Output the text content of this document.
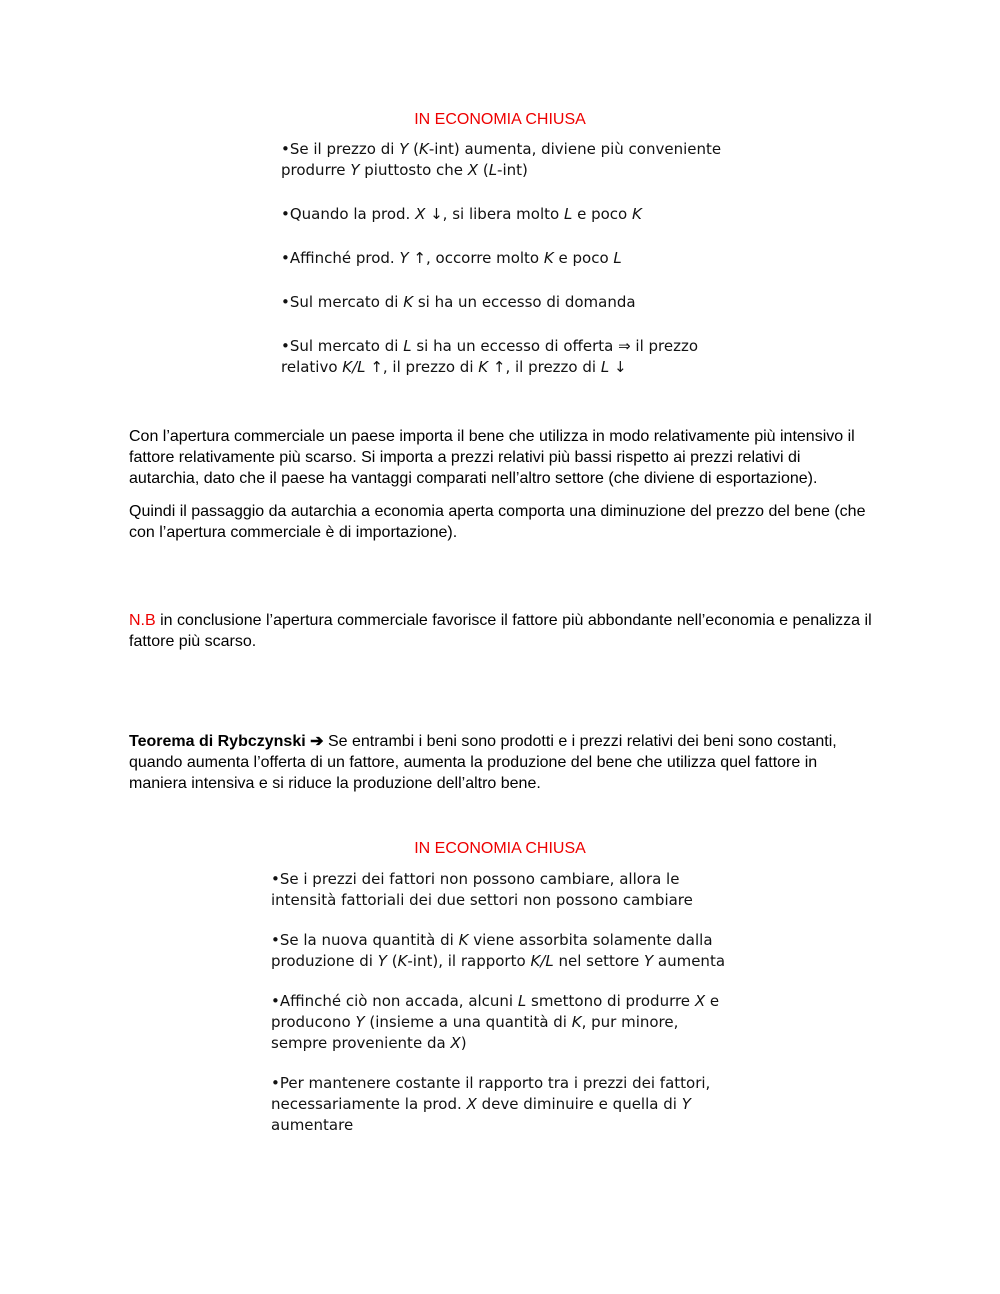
IN ECONOMIA CHIUSA

•Se il prezzo di Y (K-int) aumenta, diviene più conveniente
produrre Y piuttosto che X (L-int)

•Quando la prod. X ↓, si libera molto L e poco K

•Affinché prod. Y ↑, occorre molto K e poco L

•Sul mercato di K si ha un eccesso di domanda

•Sul mercato di L si ha un eccesso di offerta ⇒ il prezzo
relativo K/L ↑, il prezzo di K ↑, il prezzo di L ↓

Con l’apertura commerciale un paese importa il bene che utilizza in modo relativamente più intensivo il fattore relativamente più scarso. Si importa a prezzi relativi più bassi rispetto ai prezzi relativi di autarchia, dato che il paese ha vantaggi comparati nell’altro settore (che diviene di esportazione).

Quindi il passaggio da autarchia a economia aperta comporta una diminuzione del prezzo del bene (che con l’apertura commerciale è di importazione).

N.B in conclusione l’apertura commerciale favorisce il fattore più abbondante nell’economia e penalizza il fattore più scarso.

Teorema di Rybczynski ➔ Se entrambi i beni sono prodotti e i prezzi relativi dei beni sono costanti, quando aumenta l’offerta di un fattore, aumenta la produzione del bene che utilizza quel fattore in maniera intensiva e si riduce la produzione dell’altro bene.

IN ECONOMIA CHIUSA

•Se i prezzi dei fattori non possono cambiare, allora le
intensità fattoriali dei due settori non possono cambiare

•Se la nuova quantità di K viene assorbita solamente dalla
produzione di Y (K-int), il rapporto K/L nel settore Y aumenta

•Affinché ciò non accada, alcuni L smettono di produrre X e
producono Y (insieme a una quantità di K, pur minore,
sempre proveniente da X)

•Per mantenere costante il rapporto tra i prezzi dei fattori,
necessariamente la prod. X deve diminuire e quella di Y
aumentare
